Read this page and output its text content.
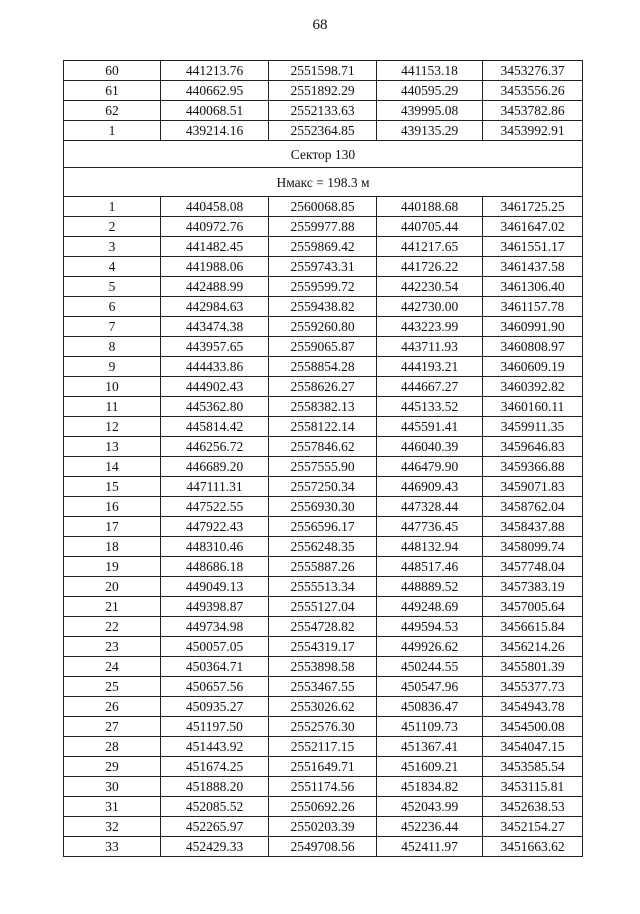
68
60	441213.76	2551598.71	441153.18	3453276.37
61	440662.95	2551892.29	440595.29	3453556.26
62	440068.51	2552133.63	439995.08	3453782.86
1	439214.16	2552364.85	439135.29	3453992.91
Сектор 130				
Нмакс = 198.3 м				
1	440458.08	2560068.85	440188.68	3461725.25
2	440972.76	2559977.88	440705.44	3461647.02
3	441482.45	2559869.42	441217.65	3461551.17
4	441988.06	2559743.31	441726.22	3461437.58
5	442488.99	2559599.72	442230.54	3461306.40
6	442984.63	2559438.82	442730.00	3461157.78
7	443474.38	2559260.80	443223.99	3460991.90
8	443957.65	2559065.87	443711.93	3460808.97
9	444433.86	2558854.28	444193.21	3460609.19
10	444902.43	2558626.27	444667.27	3460392.82
11	445362.80	2558382.13	445133.52	3460160.11
12	445814.42	2558122.14	445591.41	3459911.35
13	446256.72	2557846.62	446040.39	3459646.83
14	446689.20	2557555.90	446479.90	3459366.88
15	447111.31	2557250.34	446909.43	3459071.83
16	447522.55	2556930.30	447328.44	3458762.04
17	447922.43	2556596.17	447736.45	3458437.88
18	448310.46	2556248.35	448132.94	3458099.74
19	448686.18	2555887.26	448517.46	3457748.04
20	449049.13	2555513.34	448889.52	3457383.19
21	449398.87	2555127.04	449248.69	3457005.64
22	449734.98	2554728.82	449594.53	3456615.84
23	450057.05	2554319.17	449926.62	3456214.26
24	450364.71	2553898.58	450244.55	3455801.39
25	450657.56	2553467.55	450547.96	3455377.73
26	450935.27	2553026.62	450836.47	3454943.78
27	451197.50	2552576.30	451109.73	3454500.08
28	451443.92	2552117.15	451367.41	3454047.15
29	451674.25	2551649.71	451609.21	3453585.54
30	451888.20	2551174.56	451834.82	3453115.81
31	452085.52	2550692.26	452043.99	3452638.53
32	452265.97	2550203.39	452236.44	3452154.27
33	452429.33	2549708.56	452411.97	3451663.62
